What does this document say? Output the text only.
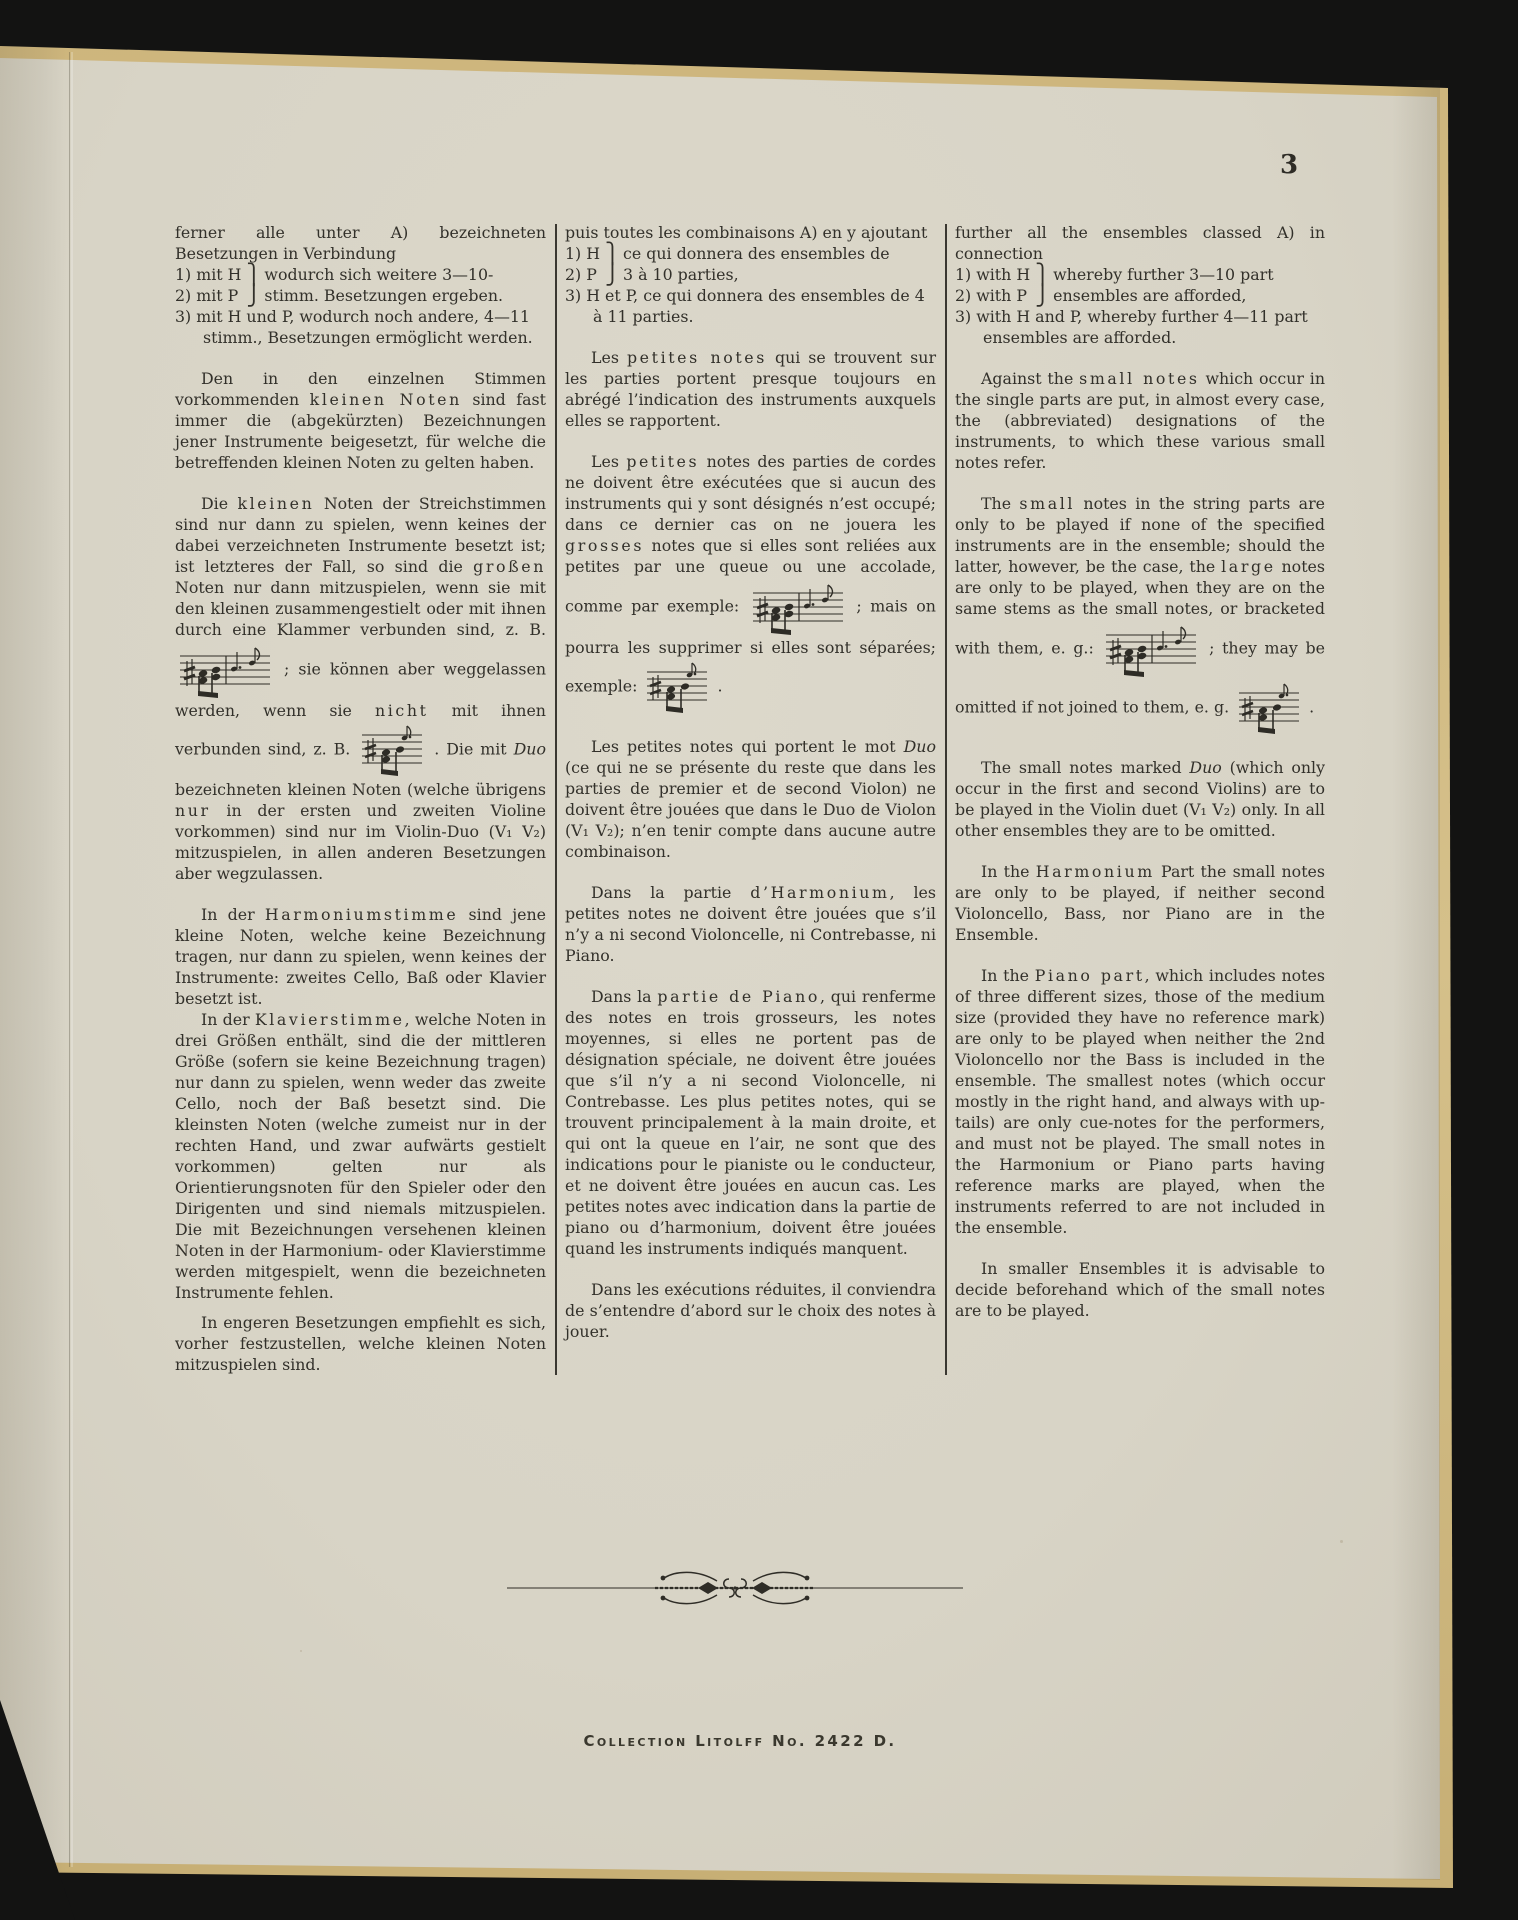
3
ferner alle unter A) bezeichneten Besetzungen in Verbindung
1) mit H ⎫ wodurch sich weitere 3—10-
2) mit P ⎭ stimm. Besetzungen ergeben.
3) mit H und P, wodurch noch andere, 4—11 stimm., Besetzungen ermöglicht werden.
Den in den einzelnen Stimmen vorkommenden kleinen Noten sind fast immer die (abgekürzten) Bezeichnungen jener Instrumente beigesetzt, für welche die betreffenden kleinen Noten zu gelten haben.
Die kleinen Noten der Streichstimmen sind nur dann zu spielen, wenn keines der dabei verzeichneten Instrumente besetzt ist; ist letzteres der Fall, so sind die großen Noten nur dann mitzuspielen, wenn sie mit den kleinen zusammengestielt oder mit ihnen durch eine Klammer verbunden sind, z. B.
; sie können aber weggelassen werden, wenn sie nicht mit ihnen verbunden sind, z. B.	. Die mit Duo bezeichneten kleinen Noten (welche übrigens nur in der ersten und zweiten Violine vorkommen) sind nur im Violin-Duo (V₁ V₂) mitzuspielen, in allen anderen Besetzungen aber wegzulassen.
In der Harmoniumstimme sind jene kleine Noten, welche keine Bezeichnung tragen, nur dann zu spielen, wenn keines der Instrumente: zweites Cello, Baß oder Klavier besetzt ist.
In der Klavierstimme, welche Noten in drei Größen enthält, sind die der mittleren Größe (sofern sie keine Bezeichnung tragen) nur dann zu spielen, wenn weder das zweite Cello, noch der Baß besetzt sind. Die kleinsten Noten (welche zumeist nur in der rechten Hand, und zwar aufwärts gestielt vorkommen) gelten nur als Orientierungsnoten für den Spieler oder den Dirigenten und sind niemals mitzuspielen. Die mit Bezeichnungen versehenen kleinen Noten in der Harmonium- oder Klavierstimme werden mitgespielt, wenn die bezeichneten Instrumente fehlen.
In engeren Besetzungen empfiehlt es sich, vorher festzustellen, welche kleinen Noten mitzuspielen sind.
puis toutes les combinaisons A) en y ajoutant
1) H ⎫ ce qui donnera des ensembles de
2) P ⎭ 3 à 10 parties,
3) H et P, ce qui donnera des ensembles de 4 à 11 parties.
Les petites notes qui se trouvent sur les parties portent presque toujours en abrégé l’indication des instruments auxquels elles se rapportent.
Les petites notes des parties de cordes ne doivent être exécutées que si aucun des instruments qui y sont désignés n’est occupé; dans ce dernier cas on ne jouera les grosses notes que si elles sont reliées aux petites par une queue ou une accolade, comme par exemple:	; mais on pourra les supprimer si elles sont séparées; exemple:	.
Les petites notes qui portent le mot Duo (ce qui ne se présente du reste que dans les parties de premier et de second Violon) ne doivent être jouées que dans le Duo de Violon (V₁ V₂); n’en tenir compte dans aucune autre combinaison.
Dans la partie d’Harmonium, les petites notes ne doivent être jouées que s’il n’y a ni second Violoncelle, ni Contrebasse, ni Piano.
Dans la partie de Piano, qui renferme des notes en trois grosseurs, les notes moyennes, si elles ne portent pas de désignation spéciale, ne doivent être jouées que s’il n’y a ni second Violoncelle, ni Contrebasse. Les plus petites notes, qui se trouvent principalement à la main droite, et qui ont la queue en l’air, ne sont que des indications pour le pianiste ou le conducteur, et ne doivent être jouées en aucun cas. Les petites notes avec indication dans la partie de piano ou d’harmonium, doivent être jouées quand les instruments indiqués manquent.
Dans les exécutions réduites, il conviendra de s’entendre d’abord sur le choix des notes à jouer.
further all the ensembles classed A) in connection
1) with H ⎫ whereby further 3—10 part
2) with P ⎭ ensembles are afforded,
3) with H and P, whereby further 4—11 part ensembles are afforded.
Against the small notes which occur in the single parts are put, in almost every case, the (abbreviated) designations of the instruments, to which these various small notes refer.
The small notes in the string parts are only to be played if none of the specified instruments are in the ensemble; should the latter, however, be the case, the large notes are only to be played, when they are on the same stems as the small notes, or bracketed with them, e. g.:	; they may be omitted if not joined to them, e. g.	.
The small notes marked Duo (which only occur in the first and second Violins) are to be played in the Violin duet (V₁ V₂) only. In all other ensembles they are to be omitted.
In the Harmonium Part the small notes are only to be played, if neither second Violoncello, Bass, nor Piano are in the Ensemble.
In the Piano part, which includes notes of three different sizes, those of the medium size (provided they have no reference mark) are only to be played when neither the 2nd Violoncello nor the Bass is included in the ensemble. The smallest notes (which occur mostly in the right hand, and always with up-tails) are only cue-notes for the performers, and must not be played. The small notes in the Harmonium or Piano parts having reference marks are played, when the instruments referred to are not included in the ensemble.
In smaller Ensembles it is advisable to decide beforehand which of the small notes are to be played.
Collection Litolff No. 2422 D.
